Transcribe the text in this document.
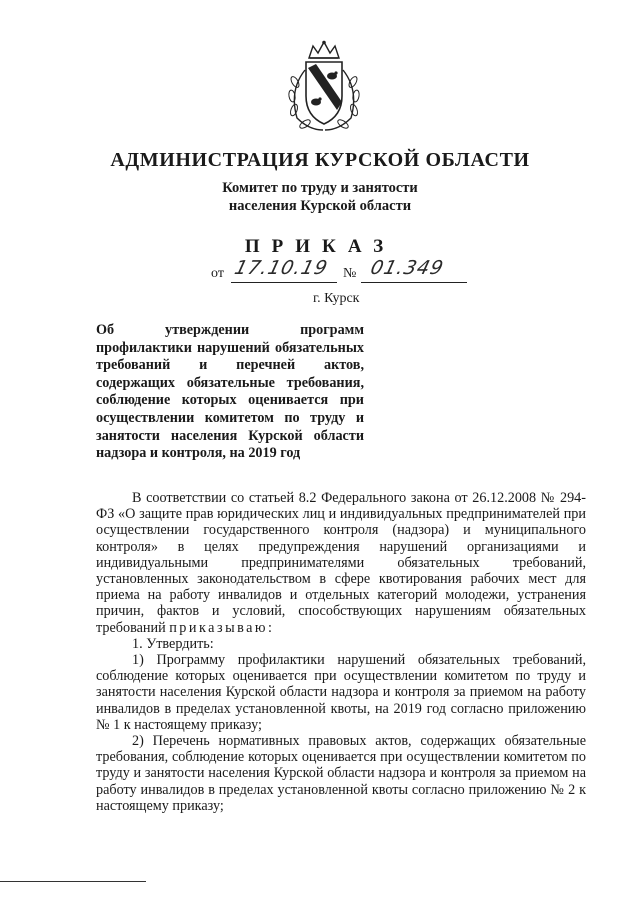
АДМИНИСТРАЦИЯ КУРСКОЙ ОБЛАСТИ
Комитет по труду и занятости
населения Курской области
ПРИКАЗ
от 17.10.19 № 01.349
г. Курск
Об утверждении программ профилактики нарушений обязательных требований и перечней актов, содержащих обязательные требования, соблюдение которых оценивается при осуществлении комитетом по труду и занятости населения Курской области надзора и контроля, на 2019 год

В соответствии со статьей 8.2 Федерального закона от 26.12.2008 № 294-ФЗ «О защите прав юридических лиц и индивидуальных предпринимателей при осуществлении государственного контроля (надзора) и муниципального контроля» в целях предупреждения нарушений организациями и индивидуальными предпринимателями обязательных требований, установленных законодательством в сфере квотирования рабочих мест для приема на работу инвалидов и отдельных категорий молодежи, устранения причин, фактов и условий, способствующих нарушениям обязательных требований приказываю:

1. Утвердить:

1) Программу профилактики нарушений обязательных требований, соблюдение которых оценивается при осуществлении комитетом по труду и занятости населения Курской области надзора и контроля за приемом на работу инвалидов в пределах установленной квоты, на 2019 год согласно приложению № 1 к настоящему приказу;

2) Перечень нормативных правовых актов, содержащих обязательные требования, соблюдение которых оценивается при осуществлении комитетом по труду и занятости населения Курской области надзора и контроля за приемом на работу инвалидов в пределах установленной квоты согласно приложению № 2 к настоящему приказу;
